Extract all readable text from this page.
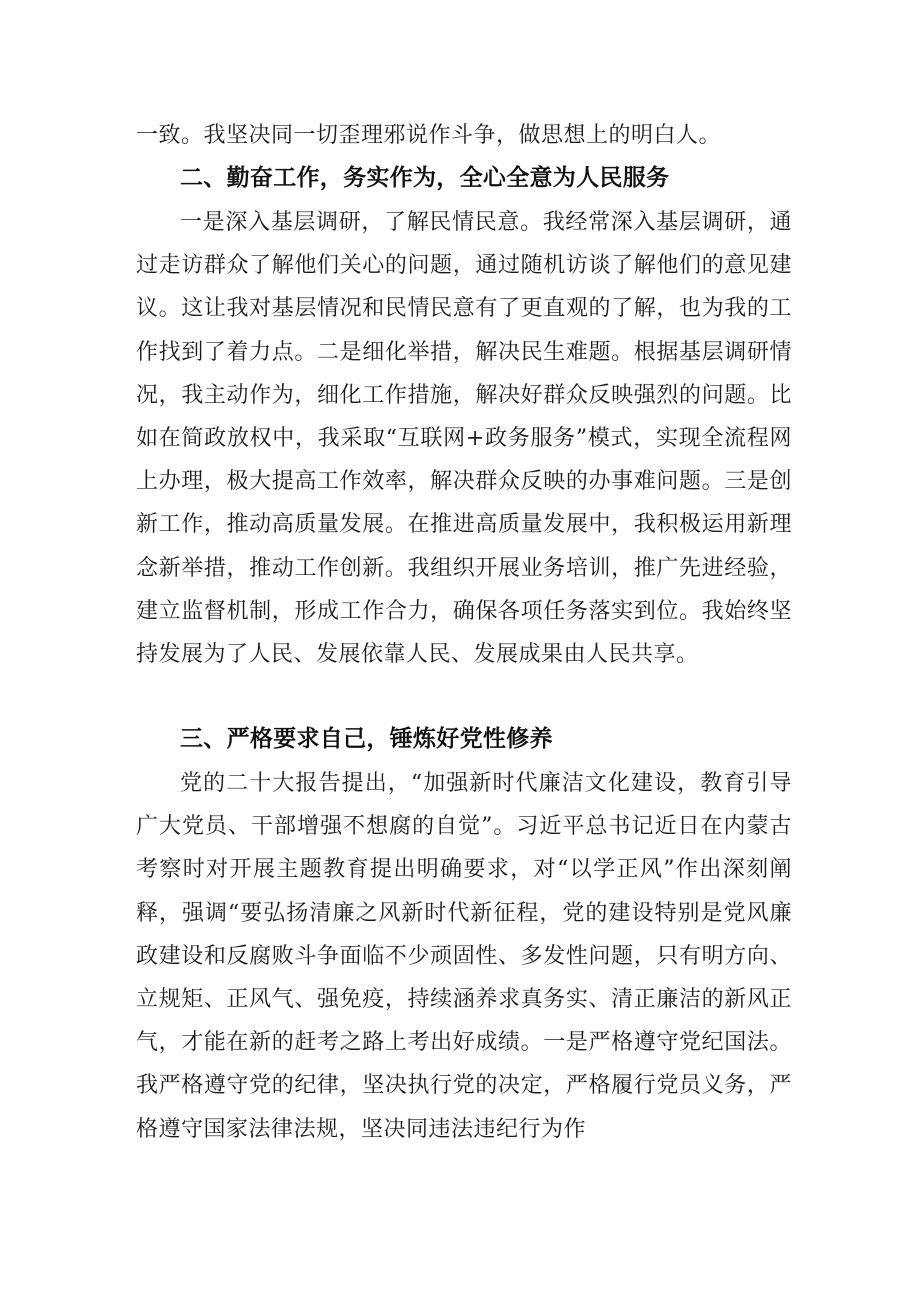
一致。我坚决同一切歪理邪说作斗争，做思想上的明白人。

二、勤奋工作，务实作为，全心全意为人民服务

一是深入基层调研，了解民情民意。我经常深入基层调研，通过走访群众了解他们关心的问题，通过随机访谈了解他们的意见建议。这让我对基层情况和民情民意有了更直观的了解，也为我的工作找到了着力点。二是细化举措，解决民生难题。根据基层调研情况，我主动作为，细化工作措施，解决好群众反映强烈的问题。比如在简政放权中，我采取“互联网+政务服务”模式，实现全流程网上办理，极大提高工作效率，解决群众反映的办事难问题。三是创新工作，推动高质量发展。在推进高质量发展中，我积极运用新理念新举措，推动工作创新。我组织开展业务培训，推广先进经验，建立监督机制，形成工作合力，确保各项任务落实到位。我始终坚持发展为了人民、发展依靠人民、发展成果由人民共享。

三、严格要求自己，锤炼好党性修养

党的二十大报告提出，“加强新时代廉洁文化建设，教育引导广大党员、干部增强不想腐的自觉”。习近平总书记近日在内蒙古考察时对开展主题教育提出明确要求，对“以学正风”作出深刻阐释，强调“要弘扬清廉之风新时代新征程，党的建设特别是党风廉政建设和反腐败斗争面临不少顽固性、多发性问题，只有明方向、立规矩、正风气、强免疫，持续涵养求真务实、清正廉洁的新风正气，才能在新的赶考之路上考出好成绩。一是严格遵守党纪国法。我严格遵守党的纪律，坚决执行党的决定，严格履行党员义务，严格遵守国家法律法规，坚决同违法违纪行为作
